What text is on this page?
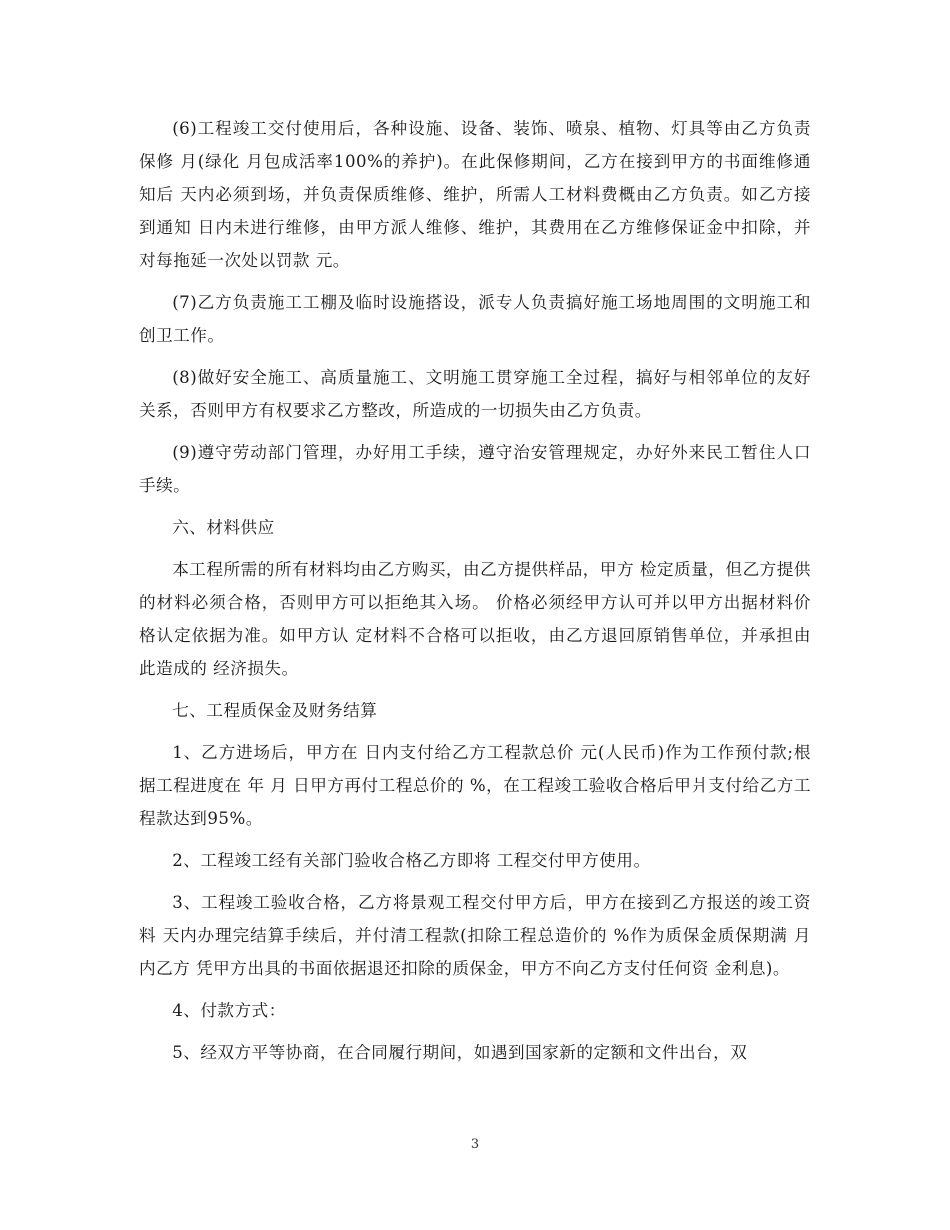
(6)工程竣工交付使用后，各种设施、设备、装饰、喷泉、植物、灯具等由乙方负责保修 月(绿化 月包成活率100%的养护)。在此保修期间，乙方在接到甲方的书面维修通知后 天内必须到场，并负责保质维修、维护，所需人工材料费概由乙方负责。如乙方接到通知 日内未进行维修，由甲方派人维修、维护，其费用在乙方维修保证金中扣除，并对每拖延一次处以罚款 元。

(7)乙方负责施工工棚及临时设施搭设，派专人负责搞好施工场地周围的文明施工和创卫工作。

(8)做好安全施工、高质量施工、文明施工贯穿施工全过程，搞好与相邻单位的友好关系，否则甲方有权要求乙方整改，所造成的一切损失由乙方负责。

(9)遵守劳动部门管理，办好用工手续，遵守治安管理规定，办好外来民工暂住人口手续。

六、材料供应

本工程所需的所有材料均由乙方购买，由乙方提供样品，甲方 检定质量，但乙方提供的材料必须合格，否则甲方可以拒绝其入场。 价格必须经甲方认可并以甲方出据材料价格认定依据为准。如甲方认 定材料不合格可以拒收，由乙方退回原销售单位，并承担由此造成的 经济损失。

七、工程质保金及财务结算

1、乙方进场后，甲方在 日内支付给乙方工程款总价 元(人民币)作为工作预付款;根据工程进度在 年 月 日甲方再付工程总价的 %，在工程竣工验收合格后甲爿支付给乙方工程款达到95%。

2、工程竣工经有关部门验收合格乙方即将 工程交付甲方使用。

3、工程竣工验收合格，乙方将景观工程交付甲方后，甲方在接到乙方报送的竣工资料 天内办理完结算手续后，并付清工程款(扣除工程总造价的 %作为质保金质保期满 月内乙方 凭甲方出具的书面依据退还扣除的质保金，甲方不向乙方支付任何资 金利息)。

4、付款方式：

5、经双方平等协商，在合同履行期间，如遇到国家新的定额和文件出台，双

3
